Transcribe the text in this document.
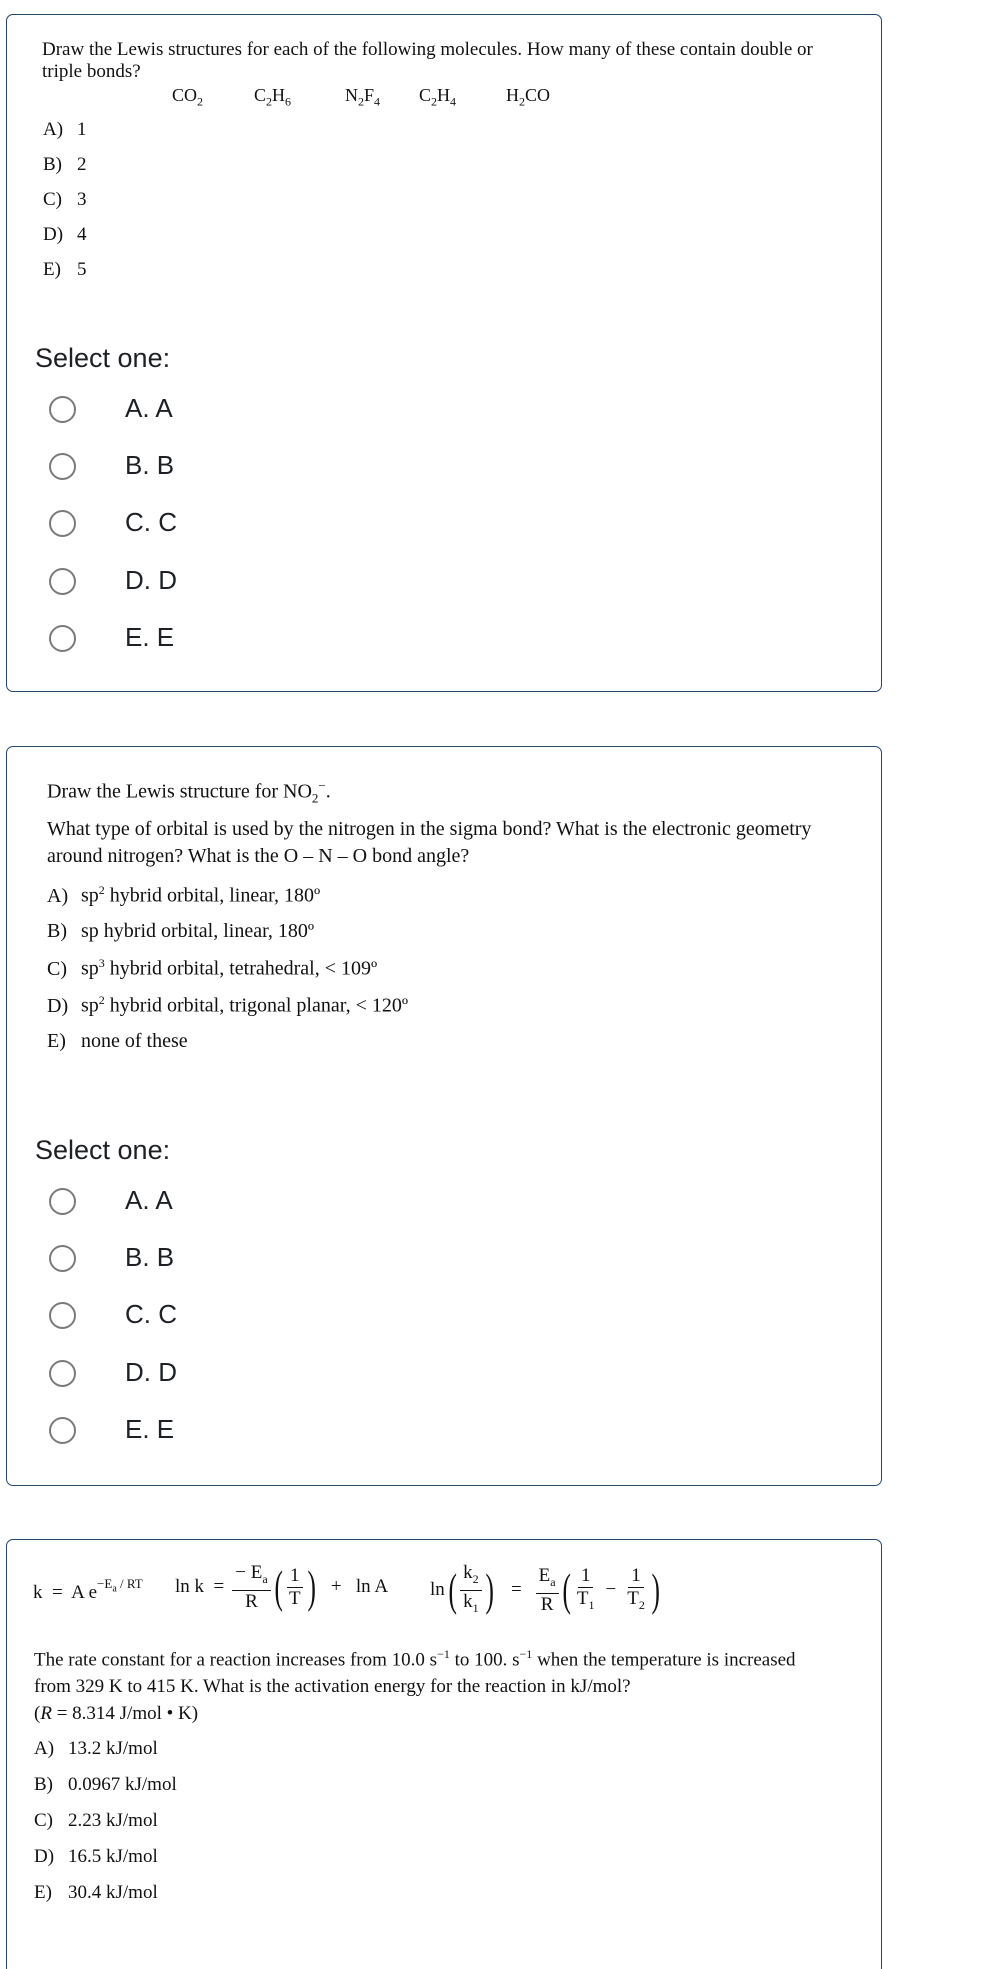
Draw the Lewis structures for each of the following molecules. How many of these contain double or triple bonds?
$CO_2$	$C_2H_6$	$N_2F_4$ $C_2H_4$	$H_2CO$
A) 1
B) 2
C) 3
D) 4
E) 5
Select one:
A. A
B. B
C. C
D. D
E. E
Draw the Lewis structure for $NO_2^-$.
What type of orbital is used by the nitrogen in the sigma bond? What is the electronic geometry around nitrogen? What is the O – N – O bond angle?
A) $sp^2$ hybrid orbital, linear, 180º
B) sp hybrid orbital, linear, 180º
C) $sp^3$ hybrid orbital, tetrahedral, < 109º
D) $sp^2$ hybrid orbital, trigonal planar, < 120º
E) none of these
Select one:
A. A
B. B
C. C
D. D
E. E
k  =  A e $^{-E_a / RT}$ $\ln k = \frac{- E_a}{R}$ ( $\frac{1}{T}$ ) +   ln A ln ( $\frac{k_2}{k_1}$ ) = $\frac{E_a}{R}$ ( $\frac{1}{T_1} - \frac{1}{T_2}$ )
The rate constant for a reaction increases from 10.0 $s^{-1}$ to 100. $s^{-1}$ when the temperature is increased from 329 K to 415 K. What is the activation energy for the reaction in kJ/mol?
(R = 8.314 J/mol • K)
A) 13.2 kJ/mol
B) 0.0967 kJ/mol
C) 2.23 kJ/mol
D) 16.5 kJ/mol
E) 30.4 kJ/mol
